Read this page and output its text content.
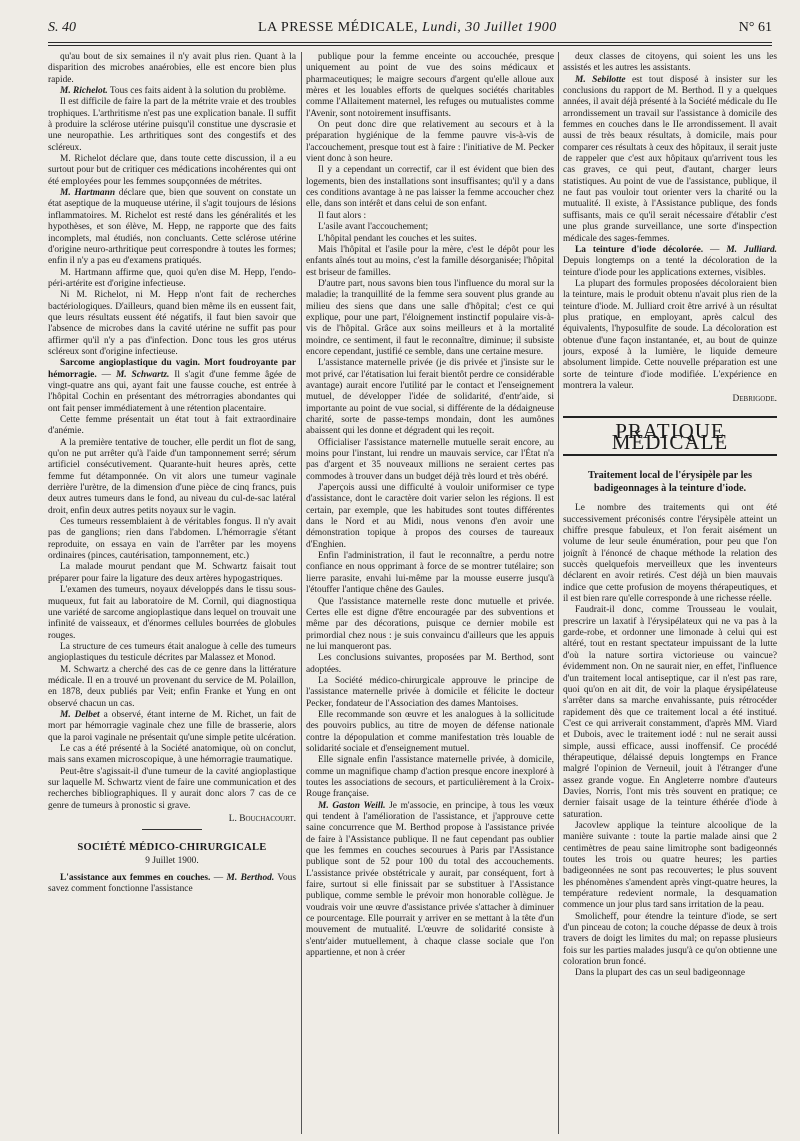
S. 40	LA PRESSE MÉDICALE, Lundi, 30 Juillet 1900	N° 61

qu'au bout de six semaines il n'y avait plus rien. Quant à la disparition des microbes anaérobies, elle est encore bien plus rapide.

M. Richelot. Tous ces faits aident à la solution du problème.

Il est difficile de faire la part de la métrite vraie et des troubles trophiques. L'arthritisme n'est pas une explication banale. Il suffit à produire la sclérose utérine puisqu'il constitue une dyscrasie et une neuropathie. Les arthritiques sont des congestifs et des scléreux.

M. Richelot déclare que, dans toute cette discussion, il a eu surtout pour but de critiquer ces médications incohérentes qui ont été employées pour les femmes soupçonnées de métrites.

M. Hartmann déclare que, bien que souvent on constate un état aseptique de la muqueuse utérine, il s'agit toujours de lésions inflammatoires. M. Richelot est resté dans les généralités et les hypothèses, et son élève, M. Hepp, ne rapporte que des faits incomplets, mal étudiés, non concluants. Cette sclérose utérine d'origine neuro-arthritique peut correspondre à toutes les formes; enfin il n'y a pas eu d'examens pratiqués.

M. Hartmann affirme que, quoi qu'en dise M. Hepp, l'endo-péri-artérite est d'origine infectieuse.

Ni M. Richelot, ni M. Hepp n'ont fait de recherches bactériologiques. D'ailleurs, quand bien même ils en eussent fait, que leurs résultats eussent été négatifs, il faut bien savoir que l'absence de microbes dans la cavité utérine ne suffit pas pour affirmer qu'il n'y a pas d'infection. Donc tous les gros utérus scléreux sont d'origine infectieuse.

Sarcome angioplastique du vagin. Mort foudroyante par hémorragie. — M. Schwartz. Il s'agit d'une femme âgée de vingt-quatre ans qui, ayant fait une fausse couche, est entrée à l'hôpital Cochin en présentant des métrorragies abondantes qui ont fait penser immédiatement à une rétention placentaire.

Cette femme présentait un état tout à fait extraordinaire d'anémie.

A la première tentative de toucher, elle perdit un flot de sang, qu'on ne put arrêter qu'à l'aide d'un tamponnement serré; sérum artificiel consécutivement. Quarante-huit heures après, cette femme fut détamponnée. On vit alors une tumeur vaginale derrière l'urètre, de la dimension d'une pièce de cinq francs, puis deux autres tumeurs dans le fond, au niveau du cul-de-sac latéral droit, enfin deux autres petits noyaux sur le vagin.

Ces tumeurs ressemblaient à de véritables fongus. Il n'y avait pas de ganglions; rien dans l'abdomen. L'hémorragie s'étant reproduite, on essaya en vain de l'arrêter par les moyens ordinaires (pinces, cautérisation, tamponnement, etc.)

La malade mourut pendant que M. Schwartz faisait tout préparer pour faire la ligature des deux artères hypogastriques.

L'examen des tumeurs, noyaux développés dans le tissu sous-muqueux, fut fait au laboratoire de M. Cornil, qui diagnostiqua une variété de sarcome angioplastique dans lequel on trouvait une infinité de vaisseaux, et d'énormes cellules bourrées de globules rouges.

La structure de ces tumeurs était analogue à celle des tumeurs angioplastiques du testicule décrites par Malassez et Monod.

M. Schwartz a cherché des cas de ce genre dans la littérature médicale. Il en a trouvé un provenant du service de M. Polaillon, en 1878, deux publiés par Veit; enfin Franke et Yung en ont observé chacun un cas.

M. Delbet a observé, étant interne de M. Richet, un fait de mort par hémorragie vaginale chez une fille de brasserie, alors que la paroi vaginale ne présentait qu'une simple petite ulcération.

Le cas a été présenté à la Société anatomique, où on conclut, mais sans examen microscopique, à une hémorragie traumatique.

Peut-être s'agissait-il d'une tumeur de la cavité angioplastique sur laquelle M. Schwartz vient de faire une communication et des recherches bibliographiques. Il y aurait donc alors 7 cas de ce genre de tumeurs à pronostic si grave.

L. Bouchacourt.
SOCIÉTÉ MÉDICO-CHIRURGICALE
9 Juillet 1900.

L'assistance aux femmes en couches. — M. Berthod. Vous savez comment fonctionne l'assistance

publique pour la femme enceinte ou accouchée, presque uniquement au point de vue des soins médicaux et pharmaceutiques; le maigre secours d'argent qu'elle alloue aux mères et les louables efforts de quelques sociétés charitables comme l'Allaitement maternel, les refuges ou mutualistes comme l'Avenir, sont notoirement insuffisants.

On peut donc dire que relativement au secours et à la préparation hygiénique de la femme pauvre vis-à-vis de l'accouchement, presque tout est à faire : l'initiative de M. Pecker vient donc à son heure.

Il y a cependant un correctif, car il est évident que bien des logements, bien des installations sont insuffisantes; qu'il y a dans ces conditions avantage à ne pas laisser la femme accoucher chez elle, dans son intérêt et dans celui de son enfant.

Il faut alors :

L'asile avant l'accouchement;

L'hôpital pendant les couches et les suites.

Mais l'hôpital et l'asile pour la mère, c'est le dépôt pour les enfants aînés tout au moins, c'est la famille désorganisée; l'hôpital est briseur de familles.

D'autre part, nous savons bien tous l'influence du moral sur la maladie; la tranquillité de la femme sera souvent plus grande au milieu des siens que dans une salle d'hôpital; c'est ce qui explique, pour une part, l'éloignement instinctif populaire vis-à-vis de l'hôpital. Grâce aux soins meilleurs et à la mortalité moindre, ce sentiment, il faut le reconnaître, diminue; il subsiste encore cependant, justifié ce semble, dans une certaine mesure.

L'assistance maternelle privée (je dis privée et j'insiste sur le mot privé, car l'étatisation lui ferait bientôt perdre ce considérable avantage) aurait encore l'utilité par le contact et l'enseignement mutuel, de développer l'idée de solidarité, d'entr'aide, si importante au point de vue social, si différente de la dédaigneuse charité, sorte de passe-temps mondain, dont les aumônes abaissent qui les donne et dégradent qui les reçoit.

Officialiser l'assistance maternelle mutuelle serait encore, au moins pour l'instant, lui rendre un mauvais service, car l'État n'a pas d'argent et 35 nouveaux millions ne seraient certes pas commodes à trouver dans un budget déjà très lourd et très obéré.

J'aperçois aussi une difficulté à vouloir uniformiser ce type d'assistance, dont le caractère doit varier selon les régions. Il est certain, par exemple, que les habitudes sont toutes différentes dans le Nord et au Midi, nous venons d'en avoir une démonstration topique à propos des courses de taureaux d'Enghien.

Enfin l'administration, il faut le reconnaître, a perdu notre confiance en nous opprimant à force de se montrer tutélaire; son lierre parasite, envahi lui-même par la mousse euserre jusqu'à l'étouffer l'antique chêne des Gaules.

Que l'assistance maternelle reste donc mutuelle et privée. Certes elle est digne d'être encouragée par des subventions et même par des décorations, puisque ce dernier mobile est primordial chez nous : je suis convaincu d'ailleurs que les appuis ne lui manqueront pas.

Les conclusions suivantes, proposées par M. Berthod, sont adoptées.

La Société médico-chirurgicale approuve le principe de l'assistance maternelle privée à domicile et félicite le docteur Pecker, fondateur de l'Association des dames Mantoises.

Elle recommande son œuvre et les analogues à la sollicitude des pouvoirs publics, au titre de moyen de défense nationale contre la dépopulation et comme manifestation très louable de solidarité sociale et d'enseignement mutuel.

Elle signale enfin l'assistance maternelle privée, à domicile, comme un magnifique champ d'action presque encore inexploré à toutes les associations de secours, et particulièrement à la Croix-Rouge française.

M. Gaston Weill. Je m'associe, en principe, à tous les vœux qui tendent à l'amélioration de l'assistance, et j'approuve cette saine concurrence que M. Berthod propose à l'assistance privée de faire à l'Assistance publique. Il ne faut cependant pas oublier que les femmes en couches secourues à Paris par l'Assistance publique sont de 52 pour 100 du total des accouchements. L'assistance privée obstétricale y aurait, par conséquent, fort à faire, surtout si elle finissait par se substituer à l'Assistance publique, comme semble le prévoir mon honorable collègue. Je voudrais voir une œuvre d'assistance privée s'attacher à diminuer ce pourcentage. Elle pourrait y arriver en se mettant à la tête d'un mouvement de mutualité. L'œuvre de solidarité consiste à s'entr'aider mutuellement, à chaque classe sociale que l'on appartienne, et non à créer

deux classes de citoyens, qui soient les uns les assistés et les autres les assistants.

M. Sebilotte est tout disposé à insister sur les conclusions du rapport de M. Berthod. Il y a quelques années, il avait déjà présenté à la Société médicale du IIe arrondissement un travail sur l'assistance à domicile des femmes en couches dans le IIe arrondissement. Il avait aussi de très beaux résultats, à domicile, mais pour comparer ces résultats à ceux des hôpitaux, il serait juste de rappeler que c'est aux hôpitaux qu'arrivent tous les cas graves, ce qui peut, d'autant, charger leurs statistiques. Au point de vue de l'assistance, publique, il ne faut pas vouloir tout orienter vers la charité ou la mutualité. Il existe, à l'Assistance publique, des fonds suffisants, mais ce qu'il serait nécessaire d'établir c'est une plus grande surveillance, une sorte d'inspection médicale des sages-femmes.

La teinture d'iode décolorée. — M. Julliard. Depuis longtemps on a tenté la décoloration de la teinture d'iode pour les applications externes, visibles.

La plupart des formules proposées décoloraient bien la teinture, mais le produit obtenu n'avait plus rien de la teinture d'iode. M. Julliard croit être arrivé à un résultat plus pratique, en employant, après calcul des équivalents, l'hyposulfite de soude. La décoloration est obtenue d'une façon instantanée, et, au bout de quinze jours, exposé à la lumière, le liquide demeure absolument limpide. Cette nouvelle préparation est une sorte de teinture d'iode modifiée. L'expérience en montrera la valeur.

Debrigode.
PRATIQUE MÉDICALE
Traitement local de l'érysipèle par les badigeonnages à la teinture d'iode.

Le nombre des traitements qui ont été successivement préconisés contre l'érysipèle atteint un chiffre presque fabuleux, et l'on ferait aisément un volume de leur seule énumération, pour peu que l'on joignît à l'énoncé de chaque méthode la relation des succès quelquefois merveilleux que les inventeurs déclarent en avoir retirés. C'est déjà un bien mauvais indice que cette profusion de moyens thérapeutiques, et il est bien rare qu'elle corresponde à une richesse réelle.

Faudrait-il donc, comme Trousseau le voulait, prescrire un laxatif à l'érysipélateux qui ne va pas à la garde-robe, et ordonner une limonade à celui qui est altéré, tout en restant spectateur impuissant de la lutte d'où la nature sortira victorieuse ou vaincue? évidemment non. On ne saurait nier, en effet, l'influence d'un traitement local antiseptique, car il n'est pas rare, quoi qu'on en ait dit, de voir la plaque érysipélateuse s'arrêter dans sa marche envahissante, puis rétrocéder rapidement dès que ce traitement local a été institué. C'est ce qui arriverait constamment, d'après MM. Viard et Dubois, avec le traitement iodé : nul ne serait aussi simple, aussi efficace, aussi inoffensif. Ce procédé thérapeutique, délaissé depuis longtemps en France malgré l'opinion de Verneuil, jouit à l'étranger d'une assez grande vogue. En Angleterre nombre d'auteurs Davies, Norris, l'ont mis très souvent en pratique; ce dernier faisait usage de la teinture éthérée d'iode à saturation.

Jacovlew applique la teinture alcoolique de la manière suivante : toute la partie malade ainsi que 2 centimètres de peau saine limitrophe sont badigeonnés toutes les trois ou quatre heures; les parties badigeonnées ne sont pas recouvertes; le plus souvent les phénomènes s'amendent après vingt-quatre heures, la température redevient normale, la desquamation commence un jour plus tard sans irritation de la peau.

Smolicheff, pour étendre la teinture d'iode, se sert d'un pinceau de coton; la couche dépasse de deux à trois travers de doigt les limites du mal; on repasse plusieurs fois sur les parties malades jusqu'à ce qu'on obtienne une coloration brun foncé.

Dans la plupart des cas un seul badigeonnage
